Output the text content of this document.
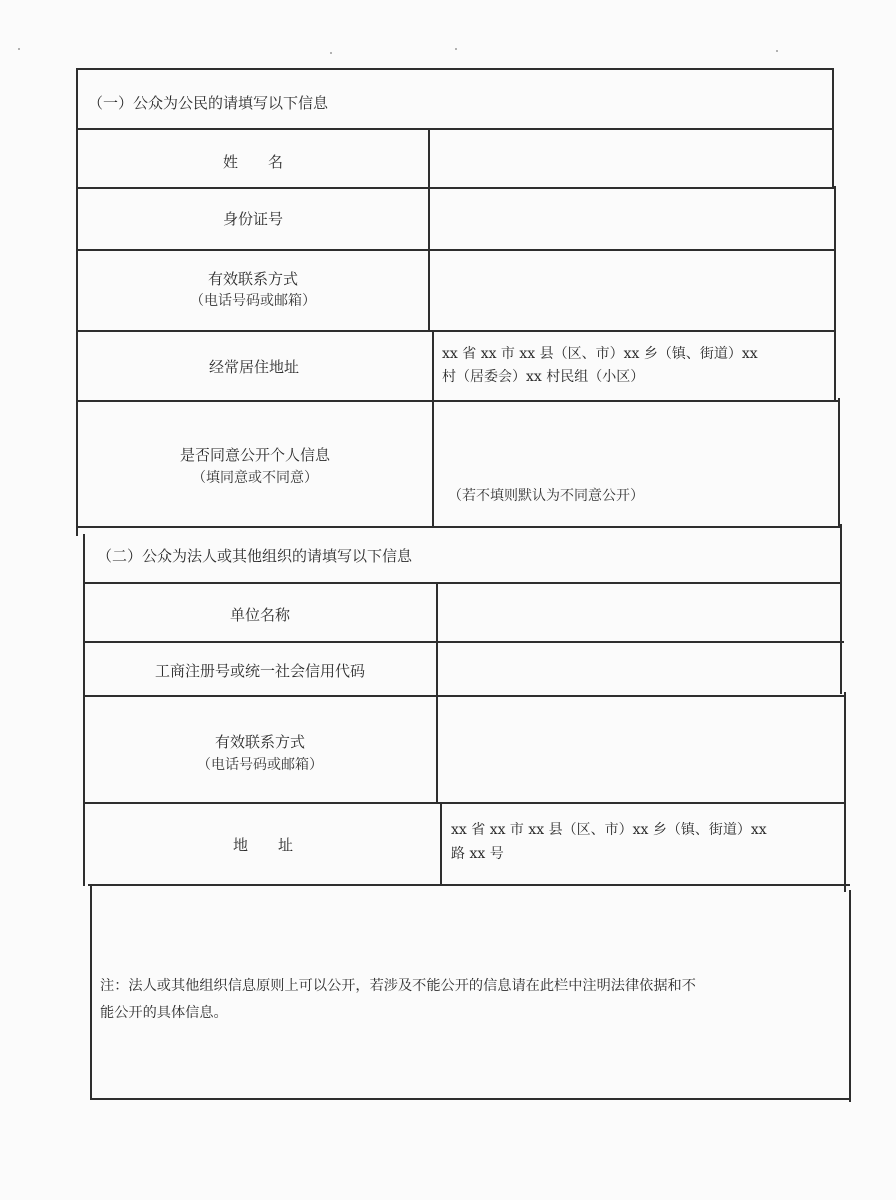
（一）公众为公民的请填写以下信息
姓　　名
身份证号
有效联系方式
（电话号码或邮箱）
经常居住地址
xx 省 xx 市 xx 县（区、市）xx 乡（镇、街道）xx
村（居委会）xx 村民组（小区）
是否同意公开个人信息
（填同意或不同意）
（若不填则默认为不同意公开）
（二）公众为法人或其他组织的请填写以下信息
单位名称
工商注册号或统一社会信用代码
有效联系方式
（电话号码或邮箱）
地　　址
xx 省 xx 市 xx 县（区、市）xx 乡（镇、街道）xx
路 xx 号
注：法人或其他组织信息原则上可以公开，若涉及不能公开的信息请在此栏中注明法律依据和不
能公开的具体信息。
